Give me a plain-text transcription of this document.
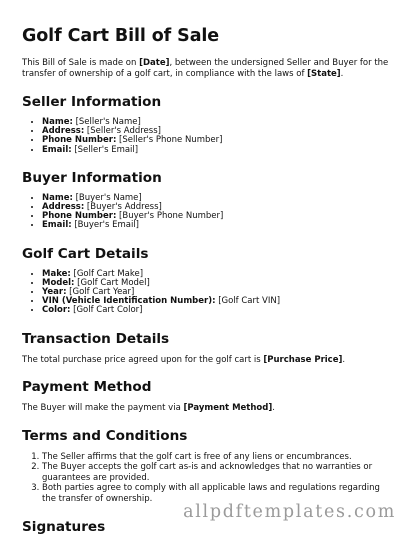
Golf Cart Bill of Sale

This Bill of Sale is made on [Date], between the undersigned Seller and Buyer for the transfer of ownership of a golf cart, in compliance with the laws of [State].

Seller Information
• Name: [Seller's Name]
• Address: [Seller's Address]
• Phone Number: [Seller's Phone Number]
• Email: [Seller's Email]
Buyer Information
• Name: [Buyer's Name]
• Address: [Buyer's Address]
• Phone Number: [Buyer's Phone Number]
• Email: [Buyer's Email]
Golf Cart Details
• Make: [Golf Cart Make]
• Model: [Golf Cart Model]
• Year: [Golf Cart Year]
• VIN (Vehicle Identification Number): [Golf Cart VIN]
• Color: [Golf Cart Color]
Transaction Details

The total purchase price agreed upon for the golf cart is [Purchase Price].

Payment Method

The Buyer will make the payment via [Payment Method].

Terms and Conditions
1. The Seller affirms that the golf cart is free of any liens or encumbrances.
2. The Buyer accepts the golf cart as-is and acknowledges that no warranties or guarantees are provided.
3. Both parties agree to comply with all applicable laws and regulations regarding the transfer of ownership.
Signatures
allpdftemplates.com
